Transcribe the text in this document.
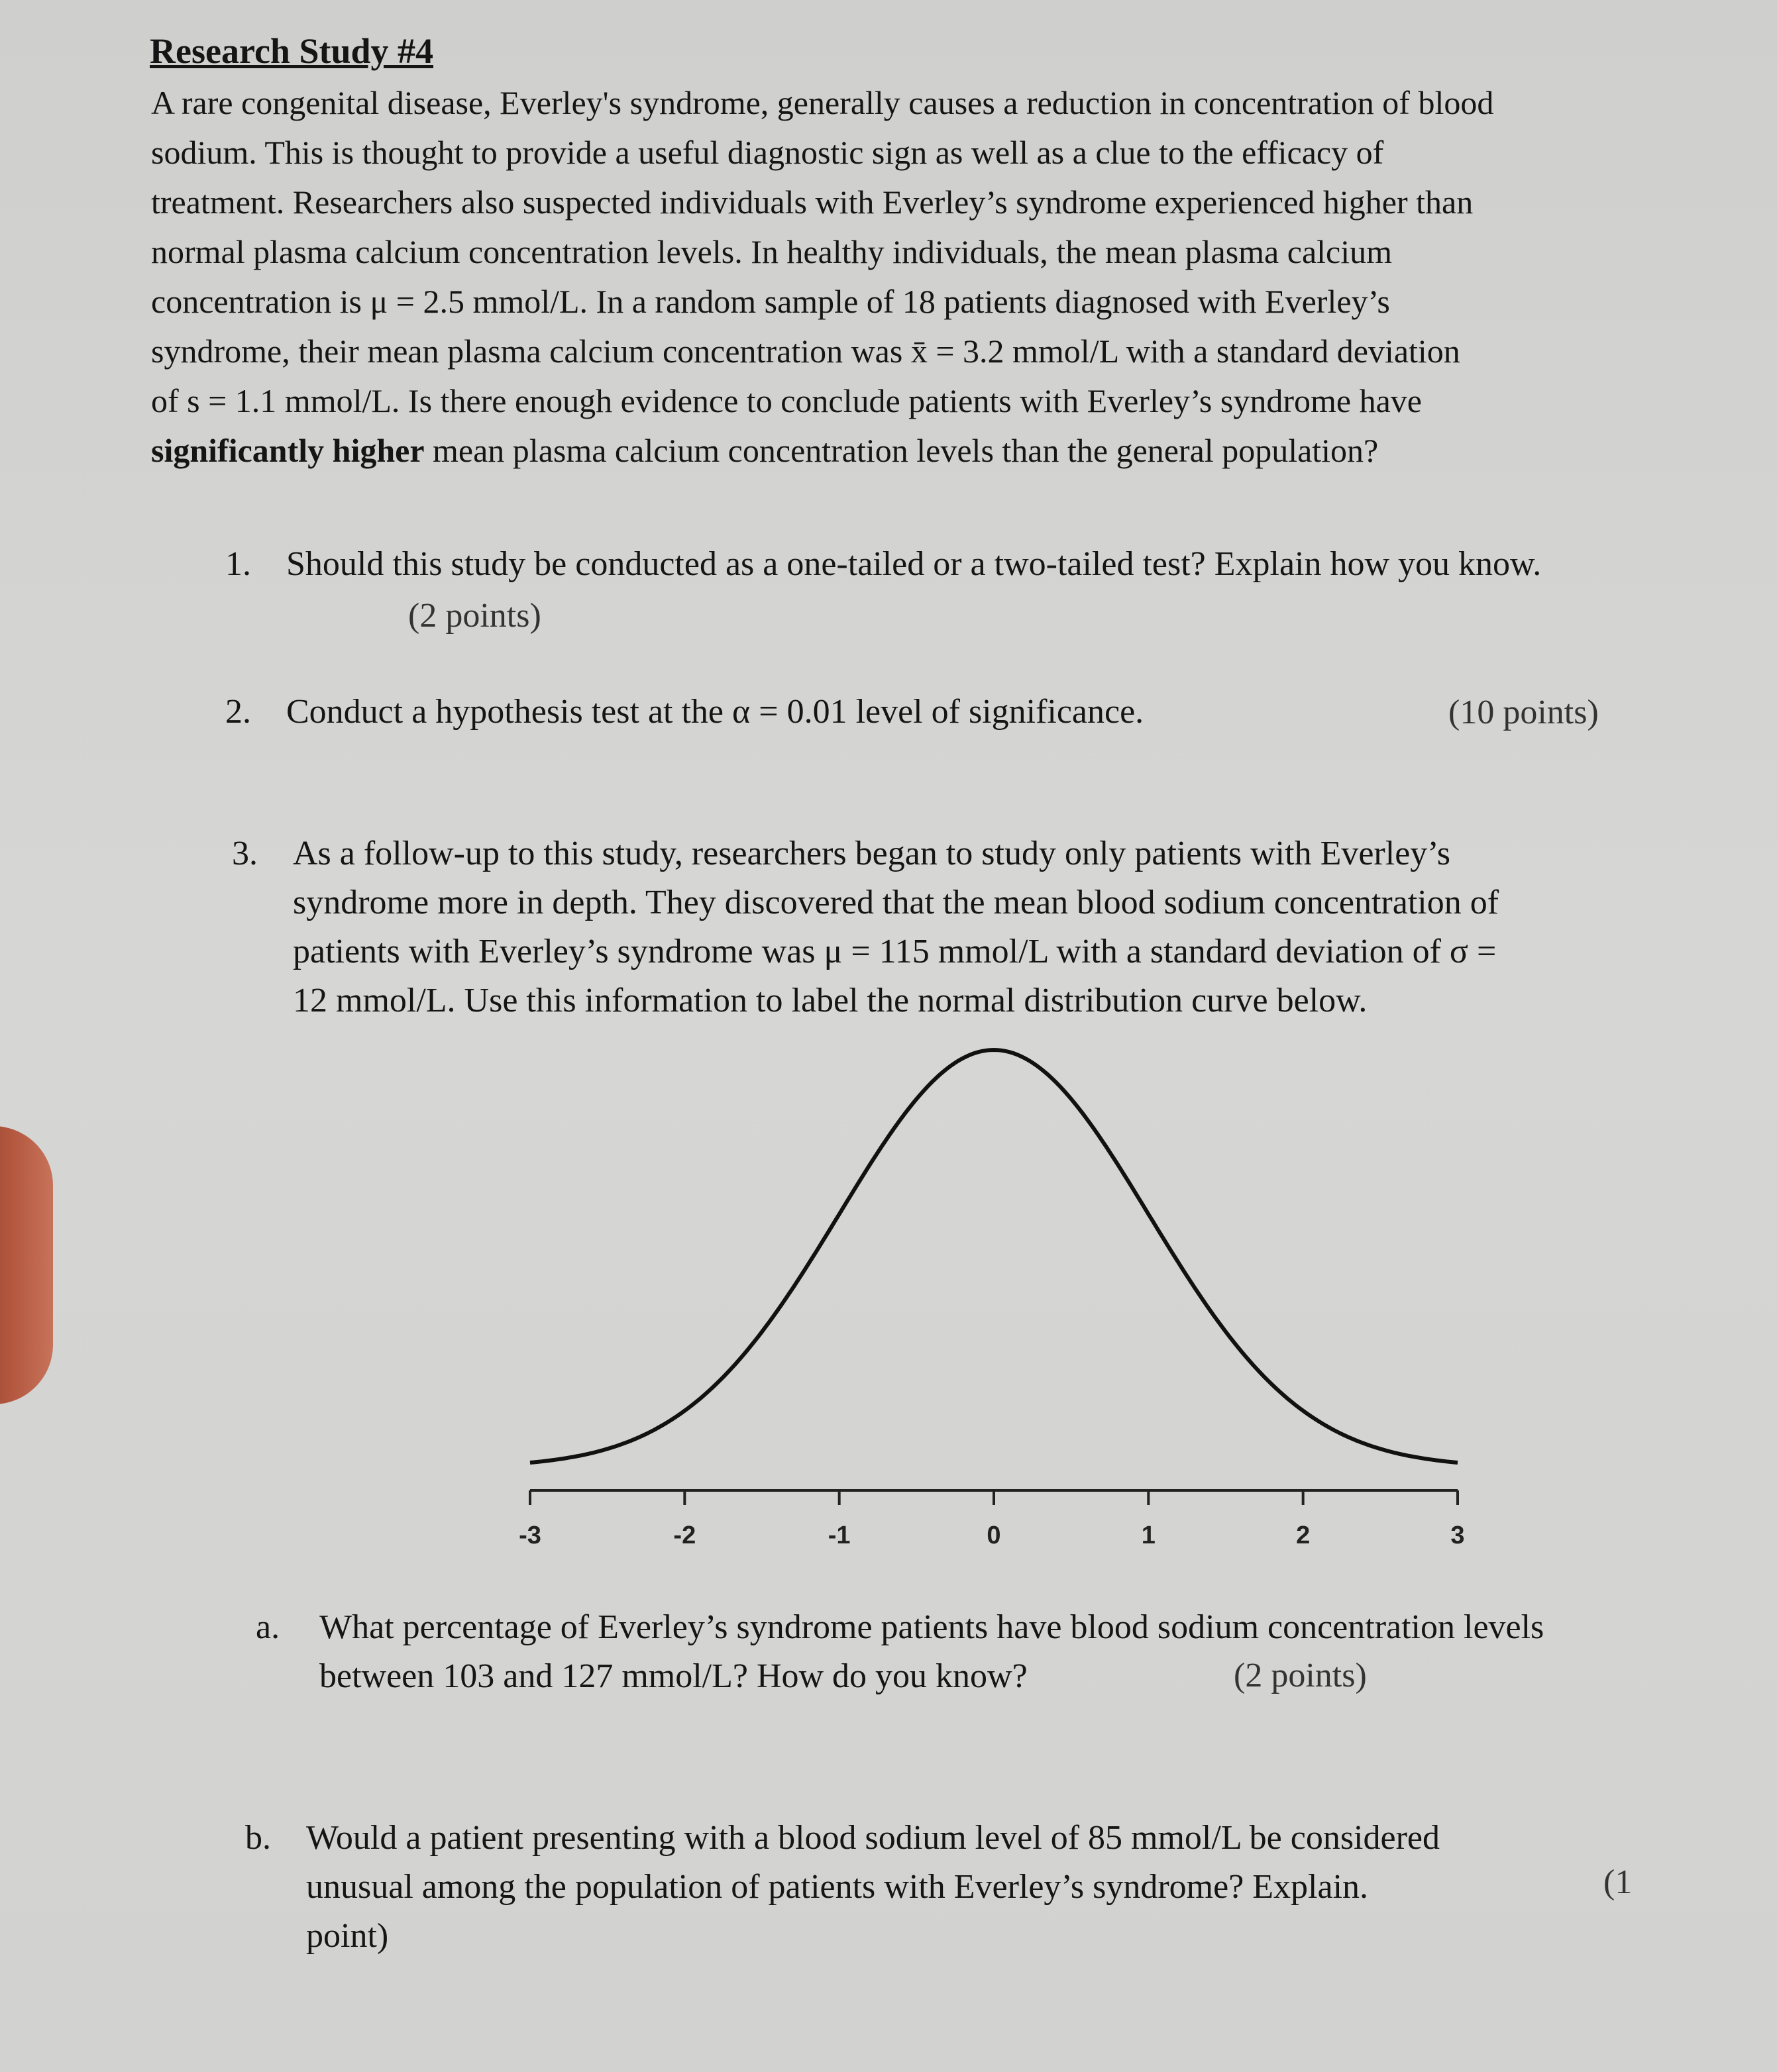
Research Study #4
A rare congenital disease, Everley's syndrome, generally causes a reduction in concentration of blood
sodium. This is thought to provide a useful diagnostic sign as well as a clue to the efficacy of
treatment. Researchers also suspected individuals with Everley’s syndrome experienced higher than
normal plasma calcium concentration levels. In healthy individuals, the mean plasma calcium
concentration is μ = 2.5 mmol/L. In a random sample of 18 patients diagnosed with Everley’s
syndrome, their mean plasma calcium concentration was x̄ = 3.2 mmol/L with a standard deviation
of s = 1.1 mmol/L. Is there enough evidence to conclude patients with Everley’s syndrome have
significantly higher mean plasma calcium concentration levels than the general population?
1. Should this study be conducted as a one-tailed or a two-tailed test? Explain how you know.
(2 points)
2. Conduct a hypothesis test at the α = 0.01 level of significance.	(10 points)
3. As a follow-up to this study, researchers began to study only patients with Everley’s
syndrome more in depth. They discovered that the mean blood sodium concentration of
patients with Everley’s syndrome was μ = 115 mmol/L with a standard deviation of σ =
12 mmol/L. Use this information to label the normal distribution curve below.
-3	-2	-1	0	1	2	3
a. What percentage of Everley’s syndrome patients have blood sodium concentration levels
between 103 and 127 mmol/L? How do you know?	(2 points)
b. Would a patient presenting with a blood sodium level of 85 mmol/L be considered
unusual among the population of patients with Everley’s syndrome? Explain.
point)
(1
